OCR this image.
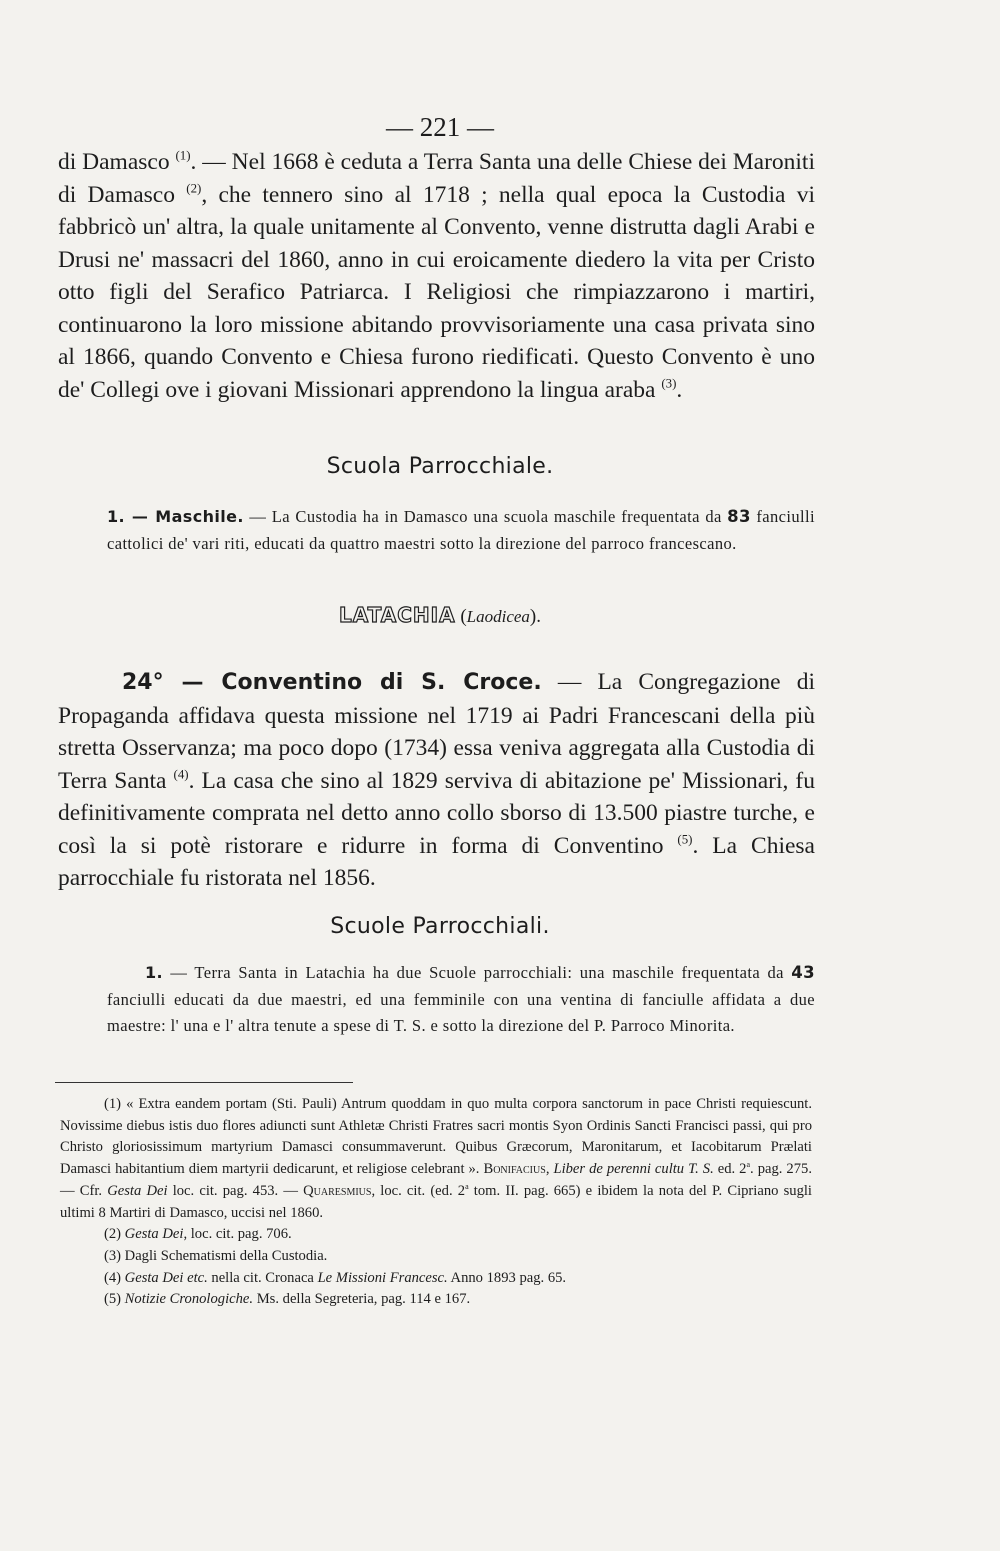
— 221 —

di Damasco $^{(1)}$. — Nel 1668 è ceduta a Terra Santa una delle Chiese dei Maroniti di Damasco $^{(2)}$, che tennero sino al 1718 ; nella qual epoca la Custodia vi fabbricò un' altra, la quale unitamente al Convento, venne distrutta dagli Arabi e Drusi ne' massacri del 1860, anno in cui eroicamente diedero la vita per Cristo otto figli del Serafico Patriarca. I Religiosi che rimpiazzarono i martiri, continuarono la loro missione abitando provvisoriamente una casa privata sino al 1866, quando Convento e Chiesa furono riedificati. Questo Convento è uno de' Collegi ove i giovani Missionari apprendono la lingua araba $^{(3)}$.

Scuola Parrocchiale.
1. — Maschile. — La Custodia ha in Damasco una scuola maschile frequentata da 83 fanciulli cattolici de' vari riti, educati da quattro maestri sotto la direzione del parroco francescano.
LATACHIA (Laodicea).

24° — Conventino di S. Croce. — La Congregazione di Propaganda affidava questa missione nel 1719 ai Padri Francescani della più stretta Osservanza; ma poco dopo (1734) essa veniva aggregata alla Custodia di Terra Santa $^{(4)}$. La casa che sino al 1829 serviva di abitazione pe' Missionari, fu definitivamente comprata nel detto anno collo sborso di 13.500 piastre turche, e così la si potè ristorare e ridurre in forma di Conventino $^{(5)}$. La Chiesa parrocchiale fu ristorata nel 1856.

Scuole Parrocchiali.
1. — Terra Santa in Latachia ha due Scuole parrocchiali: una maschile frequentata da 43 fanciulli educati da due maestri, ed una femminile con una ventina di fanciulle affidata a due maestre: l' una e l' altra tenute a spese di T. S. e sotto la direzione del P. Parroco Minorita.

(1) « Extra eandem portam (Sti. Pauli) Antrum quoddam in quo multa corpora sanctorum in pace Christi requiescunt. Novissime diebus istis duo flores adiuncti sunt Athletæ Christi Fratres sacri montis Syon Ordinis Sancti Francisci passi, qui pro Christo gloriosissimum martyrium Damasci consummaverunt. Quibus Græcorum, Maronitarum, et Iacobitarum Prælati Damasci habitantium diem martyrii dedicarunt, et religiose celebrant ». Bonifacius, Liber de perenni cultu T. S. ed. 2$^a$. pag. 275. — Cfr. Gesta Dei loc. cit. pag. 453. — Quaresmius, loc. cit. (ed. 2$^a$ tom. II. pag. 665) e ibidem la nota del P. Cipriano sugli ultimi 8 Martiri di Damasco, uccisi nel 1860.

(2) Gesta Dei, loc. cit. pag. 706.

(3) Dagli Schematismi della Custodia.

(4) Gesta Dei etc. nella cit. Cronaca Le Missioni Francesc. Anno 1893 pag. 65.

(5) Notizie Cronologiche. Ms. della Segreteria, pag. 114 e 167.
